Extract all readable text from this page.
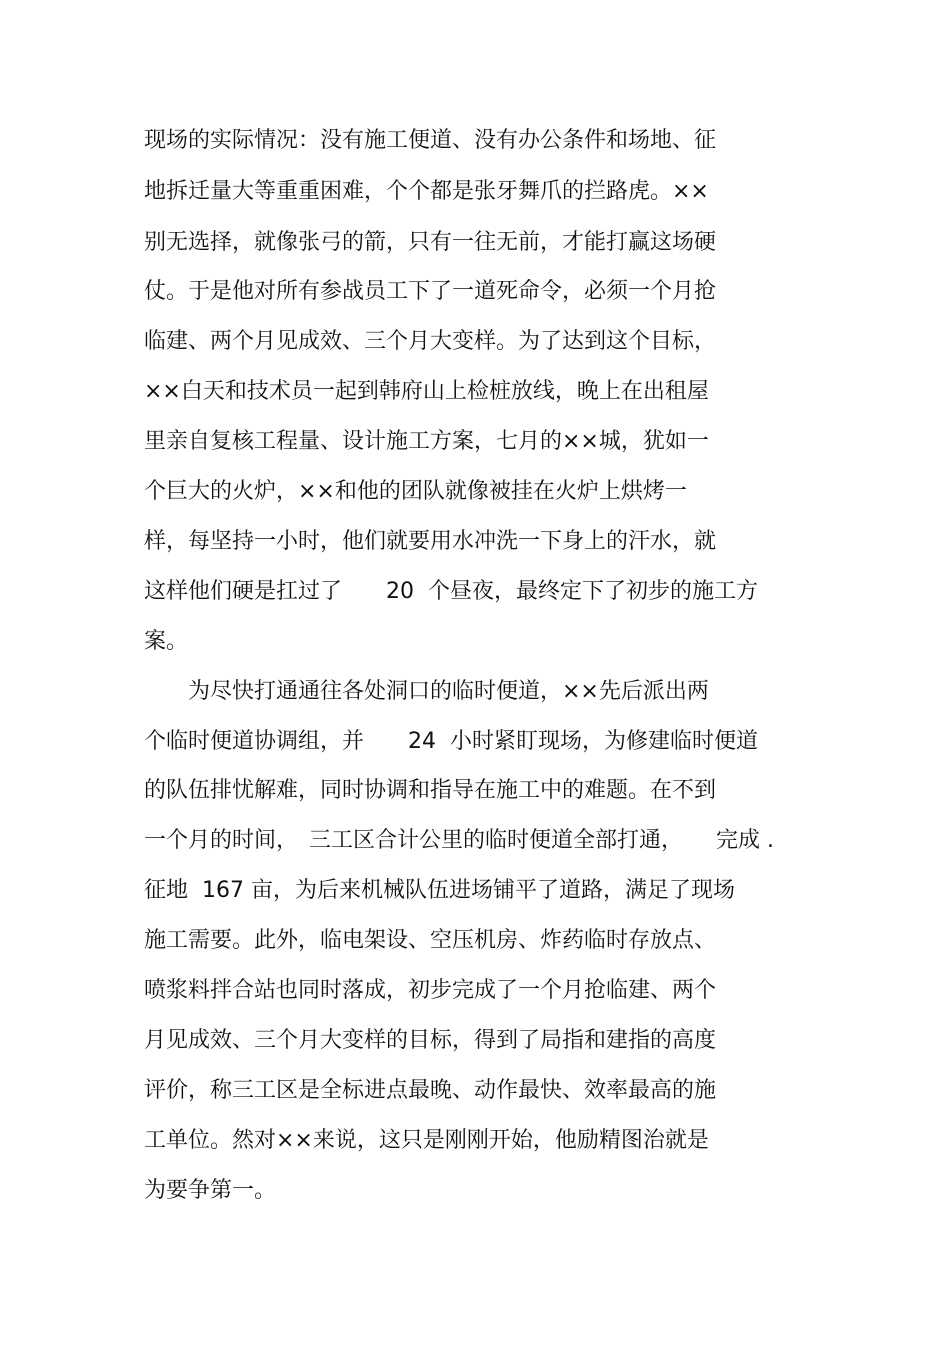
现场的实际情况：没有施工便道、没有办公条件和场地、征
地拆迁量大等重重困难，个个都是张牙舞爪的拦路虎。××
别无选择，就像张弓的箭，只有一往无前，才能打赢这场硬
仗。于是他对所有参战员工下了一道死命令，必须一个月抢
临建、两个月见成效、三个月大变样。为了达到这个目标，
××白天和技术员一起到韩府山上检桩放线，晚上在出租屋
里亲自复核工程量、设计施工方案，七月的××城，犹如一
个巨大的火炉，××和他的团队就像被挂在火炉上烘烤一
样，每坚持一小时，他们就要用水冲洗一下身上的汗水，就
这样他们硬是扛过了　　20  个昼夜，最终定下了初步的施工方
案。
　　为尽快打通通往各处洞口的临时便道，××先后派出两
个临时便道协调组，并　　24  小时紧盯现场，为修建临时便道
的队伍排忧解难，同时协调和指导在施工中的难题。在不到
一个月的时间，　三工区合计公里的临时便道全部打通，　　完成 .
征地  167 亩，为后来机械队伍进场铺平了道路，满足了现场
施工需要。此外，临电架设、空压机房、炸药临时存放点、
喷浆料拌合站也同时落成，初步完成了一个月抢临建、两个
月见成效、三个月大变样的目标，得到了局指和建指的高度
评价，称三工区是全标进点最晚、动作最快、效率最高的施
工单位。然对××来说，这只是刚刚开始，他励精图治就是
为要争第一。
